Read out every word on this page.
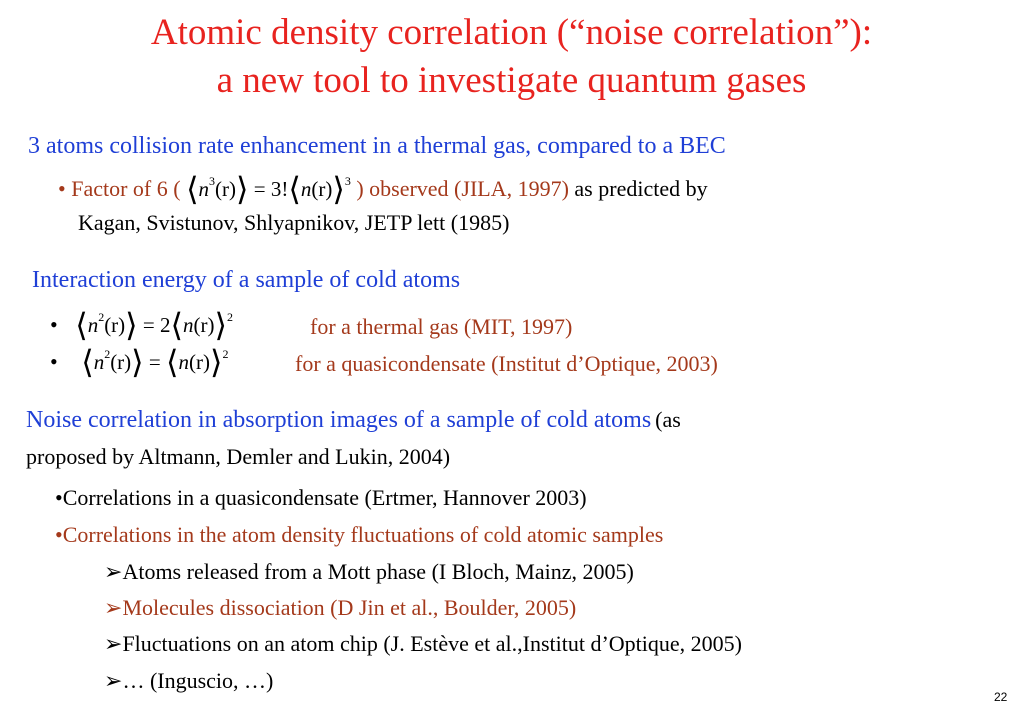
Atomic density correlation (“noise correlation”):
a new tool to investigate quantum gases
3 atoms collision rate enhancement in a thermal gas, compared to a BEC
• Factor of 6 ( $⟨n^3(r)⟩$ = 3!⟨n(r)⟩$^3$ ) observed (JILA, 1997) as predicted by
Kagan, Svistunov, Shlyapnikov, JETP lett (1985)
Interaction energy of a sample of cold atoms
• $⟨n^2(r)⟩$ = 2⟨n(r)⟩$^2$	for a thermal gas (MIT, 1997)
• $⟨n^2(r)⟩$ = ⟨n(r)⟩$^2$	for a quasicondensate (Institut d’Optique, 2003)
Noise correlation in absorption images of a sample of cold atoms (as
proposed by Altmann, Demler and Lukin, 2004)
•Correlations in a quasicondensate (Ertmer, Hannover 2003)
•Correlations in the atom density fluctuations of cold atomic samples
➢Atoms released from a Mott phase (I Bloch, Mainz, 2005)
➢Molecules dissociation (D Jin et al., Boulder, 2005)
➢Fluctuations on an atom chip (J. Estève et al.,Institut d’Optique, 2005)
➢… (Inguscio, …)
22
